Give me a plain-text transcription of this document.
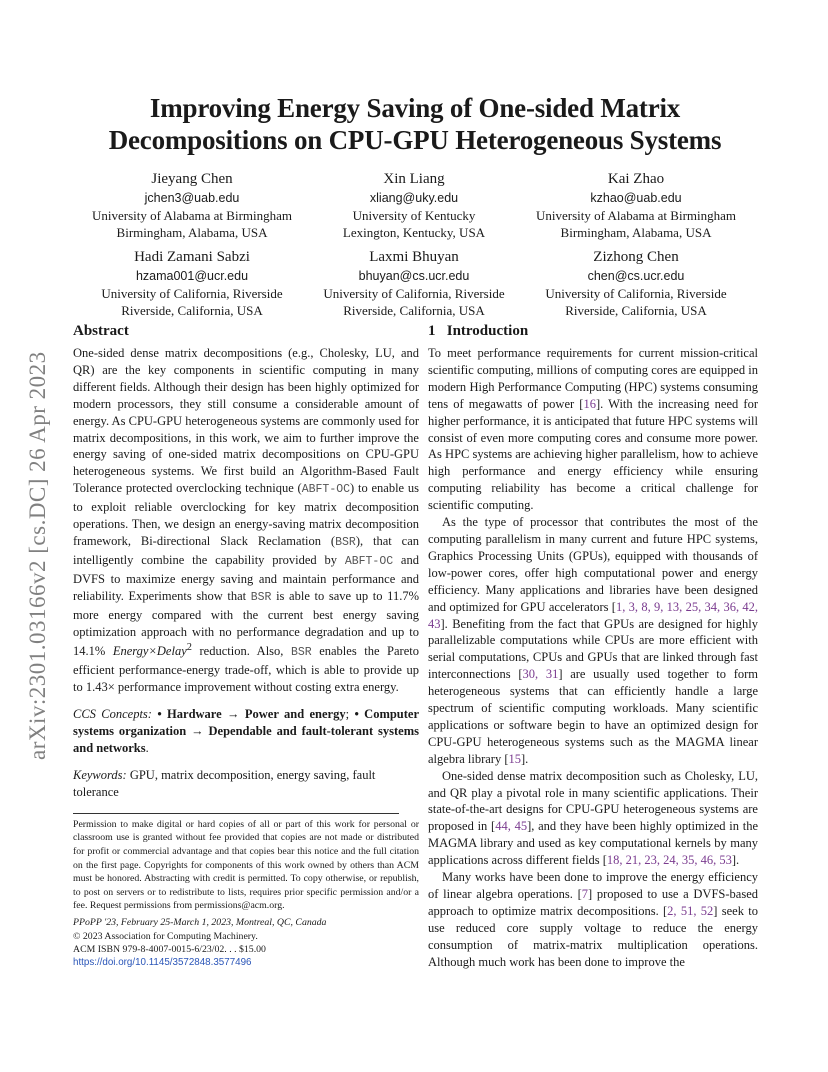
arXiv:2301.03166v2 [cs.DC] 26 Apr 2023
Improving Energy Saving of One-sided Matrix
Decompositions on CPU-GPU Heterogeneous Systems
Jieyang Chen
jchen3@uab.edu
University of Alabama at Birmingham
Birmingham, Alabama, USA
Xin Liang
xliang@uky.edu
University of Kentucky
Lexington, Kentucky, USA
Kai Zhao
kzhao@uab.edu
University of Alabama at Birmingham
Birmingham, Alabama, USA
Hadi Zamani Sabzi
hzama001@ucr.edu
University of California, Riverside
Riverside, California, USA
Laxmi Bhuyan
bhuyan@cs.ucr.edu
University of California, Riverside
Riverside, California, USA
Zizhong Chen
chen@cs.ucr.edu
University of California, Riverside
Riverside, California, USA
Abstract

One-sided dense matrix decompositions (e.g., Cholesky, LU, and QR) are the key components in scientific computing in many different fields. Although their design has been highly optimized for modern processors, they still consume a considerable amount of energy. As CPU-GPU heterogeneous systems are commonly used for matrix decompositions, in this work, we aim to further improve the energy saving of one-sided matrix decompositions on CPU-GPU heterogeneous systems. We first build an Algorithm-Based Fault Tolerance protected overclocking technique (ABFT-OC) to enable us to exploit reliable overclocking for key matrix decomposition operations. Then, we design an energy-saving matrix decomposition framework, Bi-directional Slack Reclamation (BSR), that can intelligently combine the capability provided by ABFT-OC and DVFS to maximize energy saving and maintain performance and reliability. Experiments show that BSR is able to save up to 11.7% more energy compared with the current best energy saving optimization approach with no performance degradation and up to 14.1% Energy×Delay$^2$ reduction. Also, BSR enables the Pareto efficient performance-energy trade-off, which is able to provide up to 1.43× performance improvement without costing extra energy.

CCS Concepts: • Hardware → Power and energy; • Computer systems organization → Dependable and fault-tolerant systems and networks.

Keywords: GPU, matrix decomposition, energy saving, fault tolerance

Permission to make digital or hard copies of all or part of this work for personal or classroom use is granted without fee provided that copies are not made or distributed for profit or commercial advantage and that copies bear this notice and the full citation on the first page. Copyrights for components of this work owned by others than ACM must be honored. Abstracting with credit is permitted. To copy otherwise, or republish, to post on servers or to redistribute to lists, requires prior specific permission and/or a fee. Request permissions from permissions@acm.org.
PPoPP '23, February 25-March 1, 2023, Montreal, QC, Canada
© 2023 Association for Computing Machinery.
ACM ISBN 979-8-4007-0015-6/23/02. . . $15.00
https://doi.org/10.1145/3572848.3577496
1   Introduction

To meet performance requirements for current mission-critical scientific computing, millions of computing cores are equipped in modern High Performance Computing (HPC) systems consuming tens of megawatts of power [16]. With the increasing need for higher performance, it is anticipated that future HPC systems will consist of even more computing cores and consume more power. As HPC systems are achieving higher parallelism, how to achieve high performance and energy efficiency while ensuring computing reliability has become a critical challenge for scientific computing.

As the type of processor that contributes the most of the computing parallelism in many current and future HPC systems, Graphics Processing Units (GPUs), equipped with thousands of low-power cores, offer high computational power and energy efficiency. Many applications and libraries have been designed and optimized for GPU accelerators [1, 3, 8, 9, 13, 25, 34, 36, 42, 43]. Benefiting from the fact that GPUs are designed for highly parallelizable computations while CPUs are more efficient with serial computations, CPUs and GPUs that are linked through fast interconnections [30, 31] are usually used together to form heterogeneous systems that can efficiently handle a large spectrum of scientific computing workloads. Many scientific applications or software begin to have an optimized design for CPU-GPU heterogeneous systems such as the MAGMA linear algebra library [15].

One-sided dense matrix decomposition such as Cholesky, LU, and QR play a pivotal role in many scientific applications. Their state-of-the-art designs for CPU-GPU heterogeneous systems are proposed in [44, 45], and they have been highly optimized in the MAGMA library and used as key computational kernels by many applications across different fields [18, 21, 23, 24, 35, 46, 53].

Many works have been done to improve the energy efficiency of linear algebra operations. [7] proposed to use a DVFS-based approach to optimize matrix decompositions. [2, 51, 52] seek to use reduced core supply voltage to reduce the energy consumption of matrix-matrix multiplication operations. Although much work has been done to improve the
